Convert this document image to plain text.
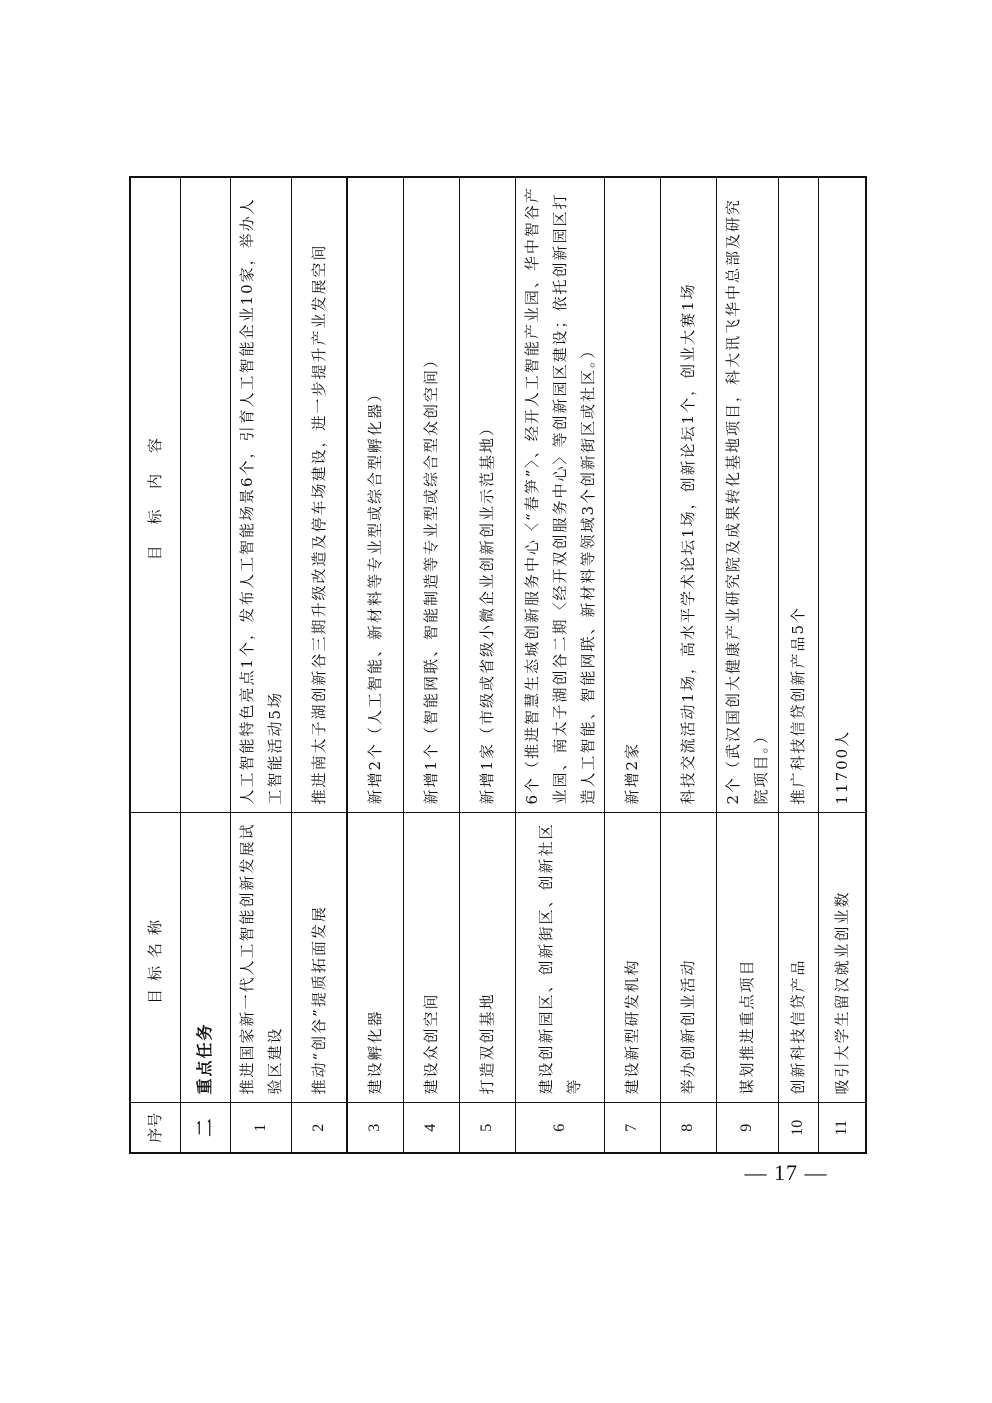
序号	目标名称	目 标 内 容
二	重点任务	
1	推进国家新一代人工智能创新发展试验区建设	人工智能特色亮点1个，发布人工智能场景6个，引育人工智能企业10家，举办人工智能活动5场
2	推动“创谷”提质拓面发展	推进南太子湖创新谷三期升级改造及停车场建设，进一步提升产业发展空间
3	建设孵化器	新增2个（人工智能、新材料等专业型或综合型孵化器）
4	建设众创空间	新增1个（智能网联、智能制造等专业型或综合型众创空间）
5	打造双创基地	新增1家（市级或省级小微企业创新创业示范基地）
6	建设创新园区、创新街区、创新社区等	6个（推进智慧生态城创新服务中心〈“春笋”〉、经开人工智能产业园、华中智谷产业园、南太子湖创谷二期〈经开双创服务中心〉等创新园区建设；依托创新园区打造人工智能、智能网联、新材料等领域3个创新街区或社区。）
7	建设新型研发机构	新增2家
8	举办创新创业活动	科技交流活动1场，高水平学术论坛1场，创新论坛1个，创业大赛1场
9	谋划推进重点项目	2个（武汉国创大健康产业研究院及成果转化基地项目，科大讯飞华中总部及研究院项目。）
10	创新科技信贷产品	推广科技信贷创新产品5个
11	吸引大学生留汉就业创业数	11700人
— 17 —
